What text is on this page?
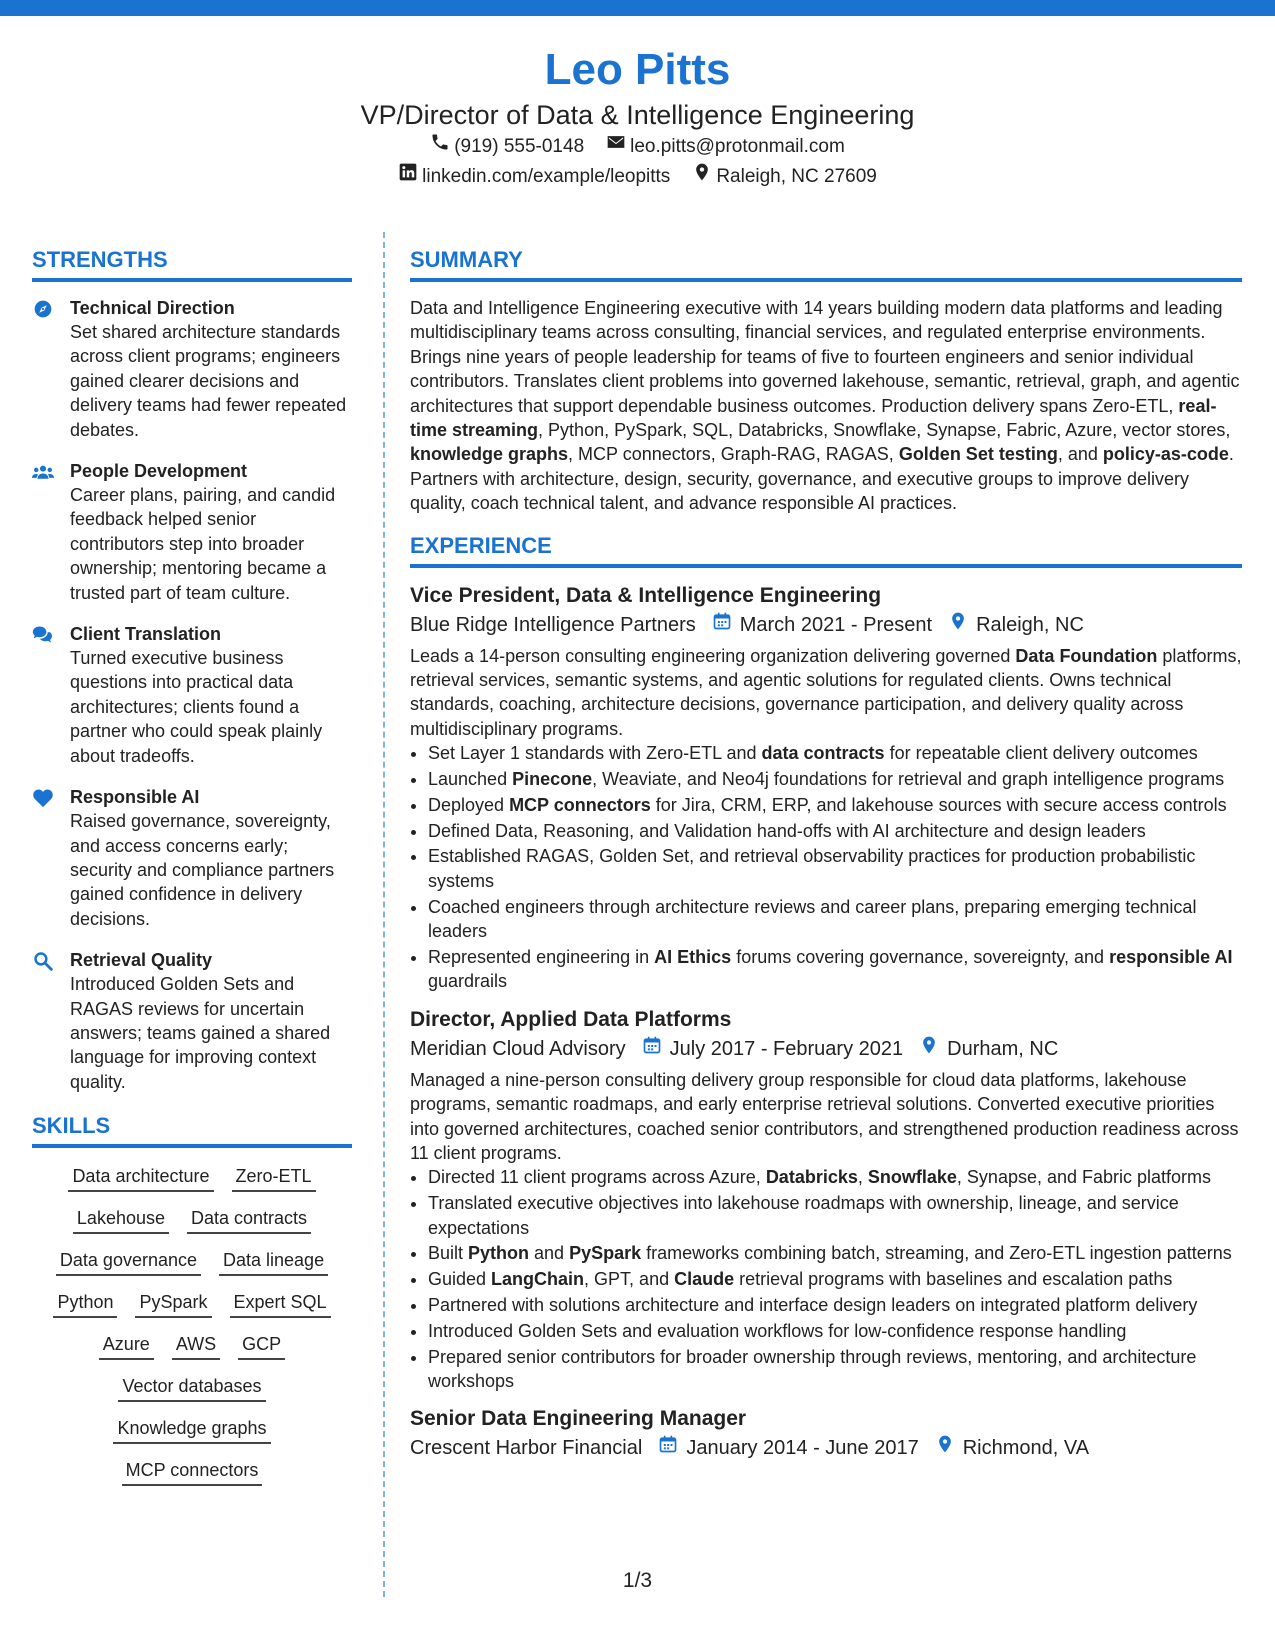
Leo Pitts
VP/Director of Data & Intelligence Engineering
(919) 555-0148 leo.pitts@protonmail.com
linkedin.com/example/leopitts Raleigh, NC 27609
STRENGTHS
Technical Direction
Set shared architecture standards across client programs; engineers gained clearer decisions and delivery teams had fewer repeated debates.
People Development
Career plans, pairing, and candid feedback helped senior contributors step into broader ownership; mentoring became a trusted part of team culture.
Client Translation
Turned executive business questions into practical data architectures; clients found a partner who could speak plainly about tradeoffs.
Responsible AI
Raised governance, sovereignty, and access concerns early; security and compliance partners gained confidence in delivery decisions.
Retrieval Quality
Introduced Golden Sets and RAGAS reviews for uncertain answers; teams gained a shared language for improving context quality.
SKILLS
Data architecture Zero-ETL
Lakehouse Data contracts
Data governance Data lineage
Python PySpark Expert SQL
Azure AWS GCP
Vector databases
Knowledge graphs
MCP connectors
SUMMARY
Data and Intelligence Engineering executive with 14 years building modern data platforms and leading multidisciplinary teams across consulting, financial services, and regulated enterprise environments. Brings nine years of people leadership for teams of five to fourteen engineers and senior individual contributors. Translates client problems into governed lakehouse, semantic, retrieval, graph, and agentic architectures that support dependable business outcomes. Production delivery spans Zero-ETL, real-time streaming, Python, PySpark, SQL, Databricks, Snowflake, Synapse, Fabric, Azure, vector stores, knowledge graphs, MCP connectors, Graph-RAG, RAGAS, Golden Set testing, and policy-as-code. Partners with architecture, design, security, governance, and executive groups to improve delivery quality, coach technical talent, and advance responsible AI practices.
EXPERIENCE
Vice President, Data & Intelligence Engineering
Blue Ridge Intelligence Partners March 2021 - Present Raleigh, NC
Leads a 14-person consulting engineering organization delivering governed Data Foundation platforms, retrieval services, semantic systems, and agentic solutions for regulated clients. Owns technical standards, coaching, architecture decisions, governance participation, and delivery quality across multidisciplinary programs.
• Set Layer 1 standards with Zero-ETL and data contracts for repeatable client delivery outcomes
• Launched Pinecone, Weaviate, and Neo4j foundations for retrieval and graph intelligence programs
• Deployed MCP connectors for Jira, CRM, ERP, and lakehouse sources with secure access controls
• Defined Data, Reasoning, and Validation hand-offs with AI architecture and design leaders
• Established RAGAS, Golden Set, and retrieval observability practices for production probabilistic systems
• Coached engineers through architecture reviews and career plans, preparing emerging technical leaders
• Represented engineering in AI Ethics forums covering governance, sovereignty, and responsible AI guardrails
Director, Applied Data Platforms
Meridian Cloud Advisory July 2017 - February 2021 Durham, NC
Managed a nine-person consulting delivery group responsible for cloud data platforms, lakehouse programs, semantic roadmaps, and early enterprise retrieval solutions. Converted executive priorities into governed architectures, coached senior contributors, and strengthened production readiness across 11 client programs.
• Directed 11 client programs across Azure, Databricks, Snowflake, Synapse, and Fabric platforms
• Translated executive objectives into lakehouse roadmaps with ownership, lineage, and service expectations
• Built Python and PySpark frameworks combining batch, streaming, and Zero-ETL ingestion patterns
• Guided LangChain, GPT, and Claude retrieval programs with baselines and escalation paths
• Partnered with solutions architecture and interface design leaders on integrated platform delivery
• Introduced Golden Sets and evaluation workflows for low-confidence response handling
• Prepared senior contributors for broader ownership through reviews, mentoring, and architecture workshops
Senior Data Engineering Manager
Crescent Harbor Financial January 2014 - June 2017 Richmond, VA
1/3
